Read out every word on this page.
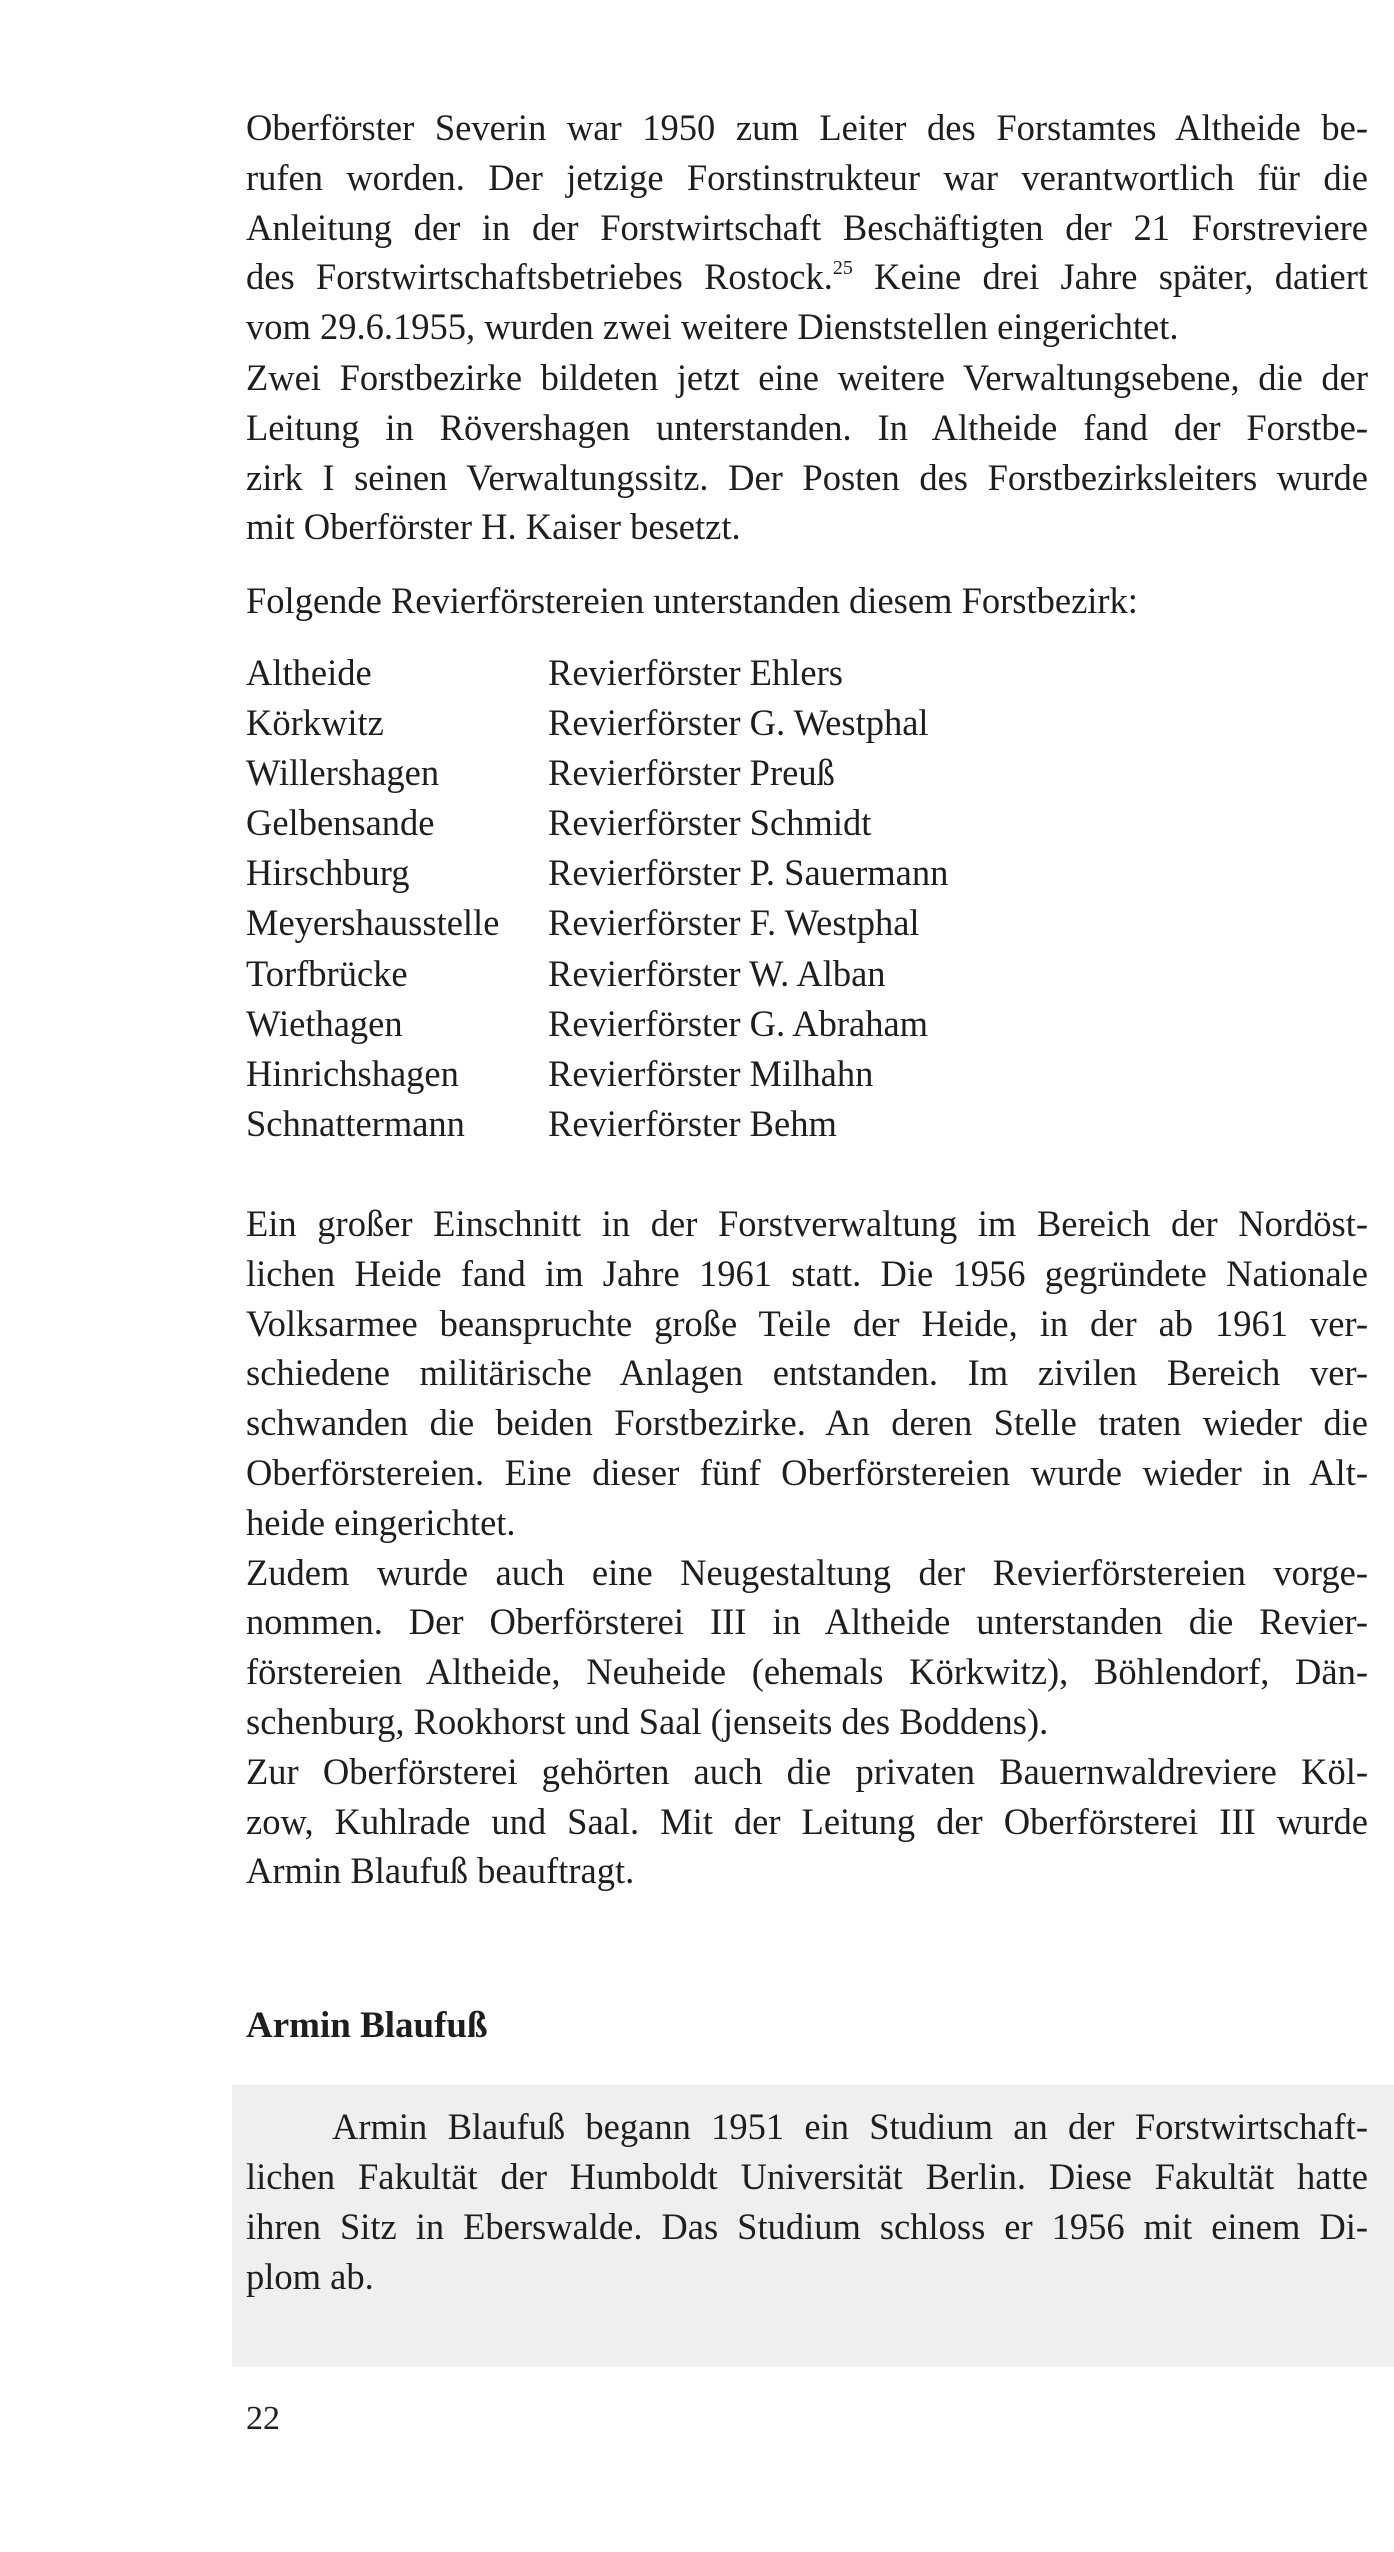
Oberförster Severin war 1950 zum Leiter des Forstamtes Altheide be-
rufen worden. Der jetzige Forstinstrukteur war verantwortlich für die
Anleitung der in der Forstwirtschaft Beschäftigten der 21 Forstreviere
des Forstwirtschaftsbetriebes Rostock.$^{25}$ Keine drei Jahre später, datiert
vom 29.6.1955, wurden zwei weitere Dienststellen eingerichtet.
Zwei Forstbezirke bildeten jetzt eine weitere Verwaltungsebene, die der
Leitung in Rövershagen unterstanden. In Altheide fand der Forstbe-
zirk I seinen Verwaltungssitz. Der Posten des Forstbezirksleiters wurde
mit Oberförster H. Kaiser besetzt.
Folgende Revierförstereien unterstanden diesem Forstbezirk:
Altheide	Revierförster Ehlers
Körkwitz	Revierförster G. Westphal
Willershagen	Revierförster Preuß
Gelbensande	Revierförster Schmidt
Hirschburg	Revierförster P. Sauermann
Meyershausstelle	Revierförster F. Westphal
Torfbrücke	Revierförster W. Alban
Wiethagen	Revierförster G. Abraham
Hinrichshagen	Revierförster Milhahn
Schnattermann	Revierförster Behm
Ein großer Einschnitt in der Forstverwaltung im Bereich der Nordöst-
lichen Heide fand im Jahre 1961 statt. Die 1956 gegründete Nationale
Volksarmee beanspruchte große Teile der Heide, in der ab 1961 ver-
schiedene militärische Anlagen entstanden. Im zivilen Bereich ver-
schwanden die beiden Forstbezirke. An deren Stelle traten wieder die
Oberförstereien. Eine dieser fünf Oberförstereien wurde wieder in Alt-
heide eingerichtet.
Zudem wurde auch eine Neugestaltung der Revierförstereien vorge-
nommen. Der Oberförsterei III in Altheide unterstanden die Revier-
förstereien Altheide, Neuheide (ehemals Körkwitz), Böhlendorf, Dän-
schenburg, Rookhorst und Saal (jenseits des Boddens).
Zur Oberförsterei gehörten auch die privaten Bauernwaldreviere Köl-
zow, Kuhlrade und Saal. Mit der Leitung der Oberförsterei III wurde
Armin Blaufuß beauftragt.
Armin Blaufuß
Armin Blaufuß begann 1951 ein Studium an der Forstwirtschaft-
lichen Fakultät der Humboldt Universität Berlin. Diese Fakultät hatte
ihren Sitz in Eberswalde. Das Studium schloss er 1956 mit einem Di-
plom ab.

22
